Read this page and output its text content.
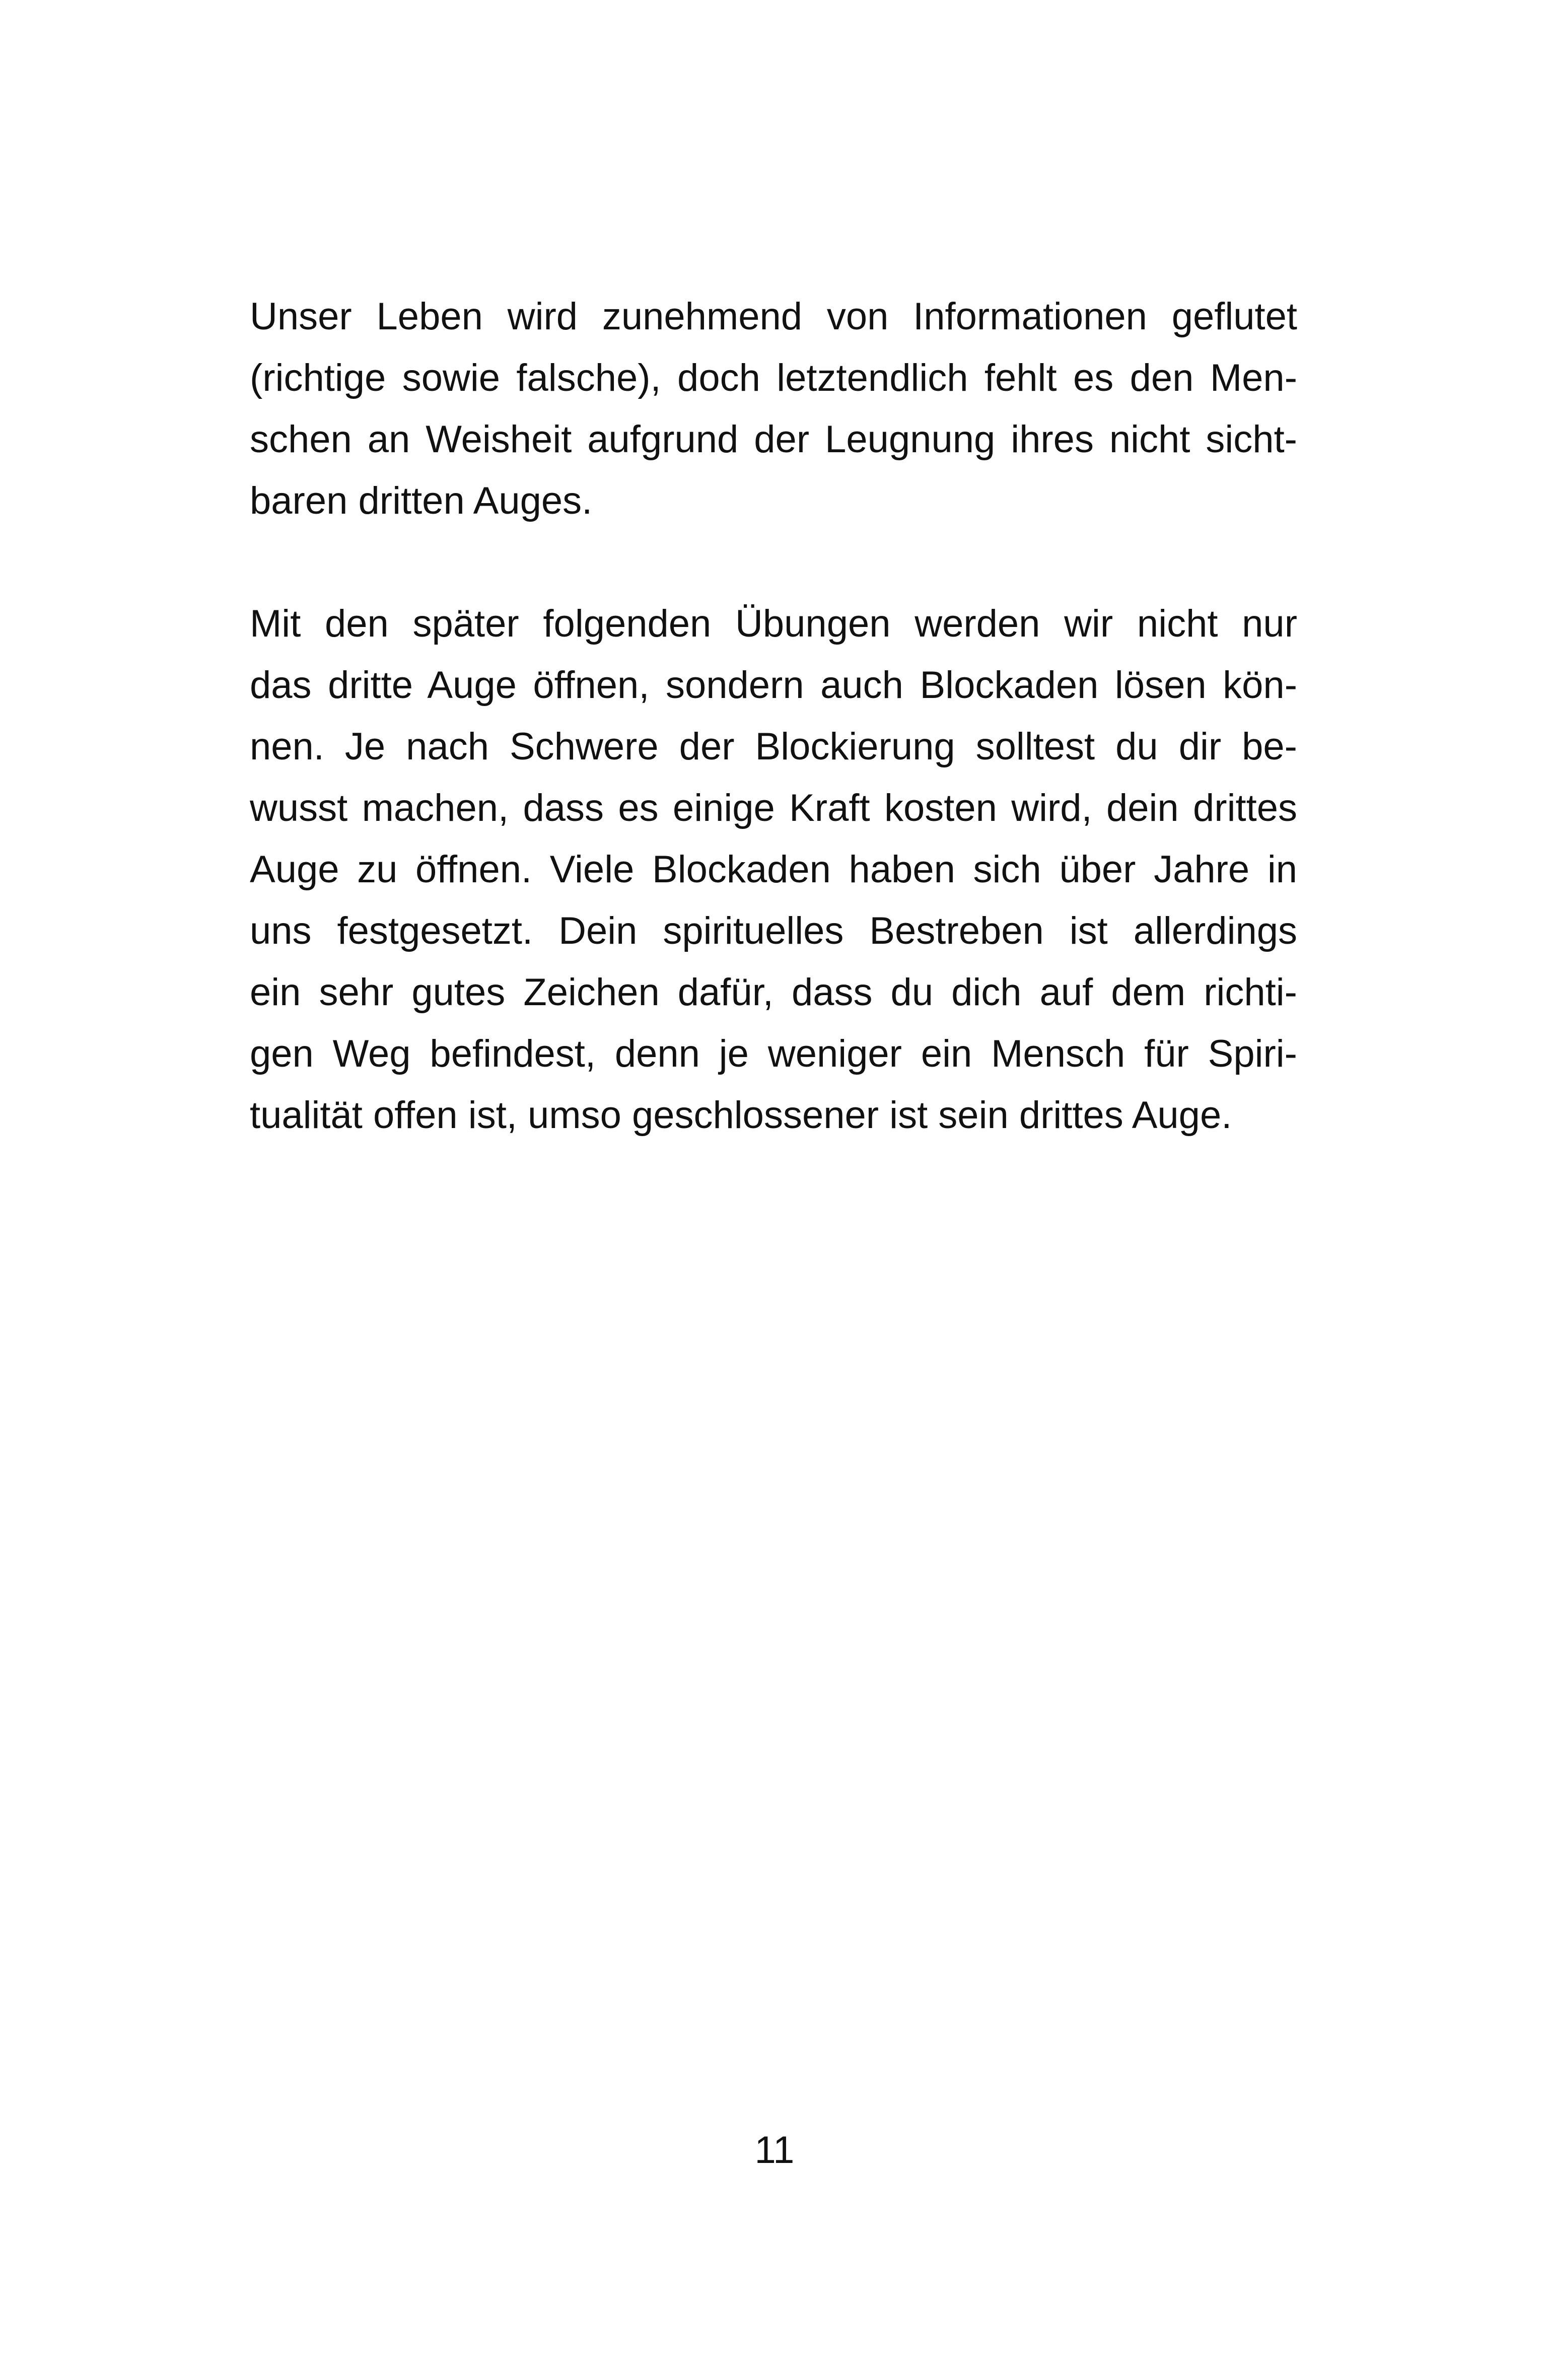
Unser Leben wird zunehmend von Informationen geflutet
(richtige sowie falsche), doch letztendlich fehlt es den Men-
schen an Weisheit aufgrund der Leugnung ihres nicht sicht-
baren dritten Auges.

Mit den später folgenden Übungen werden wir nicht nur
das dritte Auge öffnen, sondern auch Blockaden lösen kön-
nen. Je nach Schwere der Blockierung solltest du dir be-
wusst machen, dass es einige Kraft kosten wird, dein drittes
Auge zu öffnen. Viele Blockaden haben sich über Jahre in
uns festgesetzt. Dein spirituelles Bestreben ist allerdings
ein sehr gutes Zeichen dafür, dass du dich auf dem richti-
gen Weg befindest, denn je weniger ein Mensch für Spiri-
tualität offen ist, umso geschlossener ist sein drittes Auge.

11
